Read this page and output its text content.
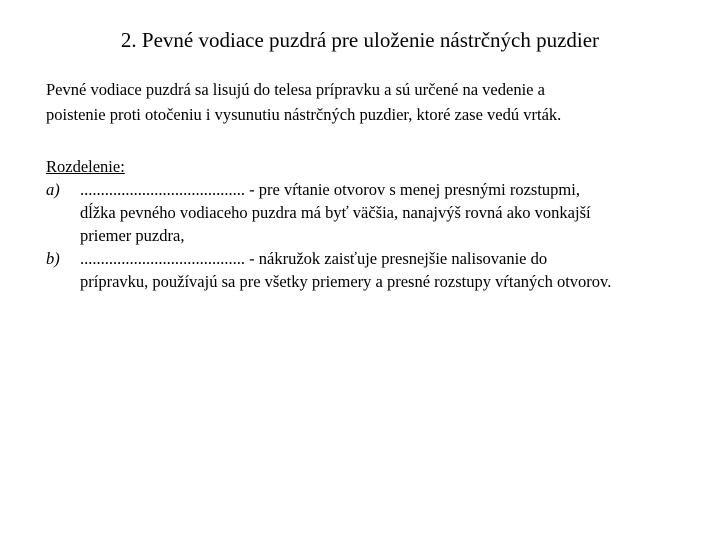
2. Pevné vodiace puzdrá pre uloženie nástrčných puzdier
Pevné vodiace puzdrá sa lisujú do telesa prípravku a sú určené na vedenie a
poistenie proti otočeniu i vysunutiu nástrčných puzdier, ktoré zase vedú vrták.
Rozdelenie:
a) ........................................ - pre vŕtanie otvorov s menej presnými rozstupmi,
dĺžka pevného vodiaceho puzdra má byť väčšia, nanajvýš rovná ako vonkajší
priemer puzdra,
b) ........................................ - nákružok zaisťuje presnejšie nalisovanie do
prípravku, používajú sa pre všetky priemery a presné rozstupy vŕtaných otvorov.
